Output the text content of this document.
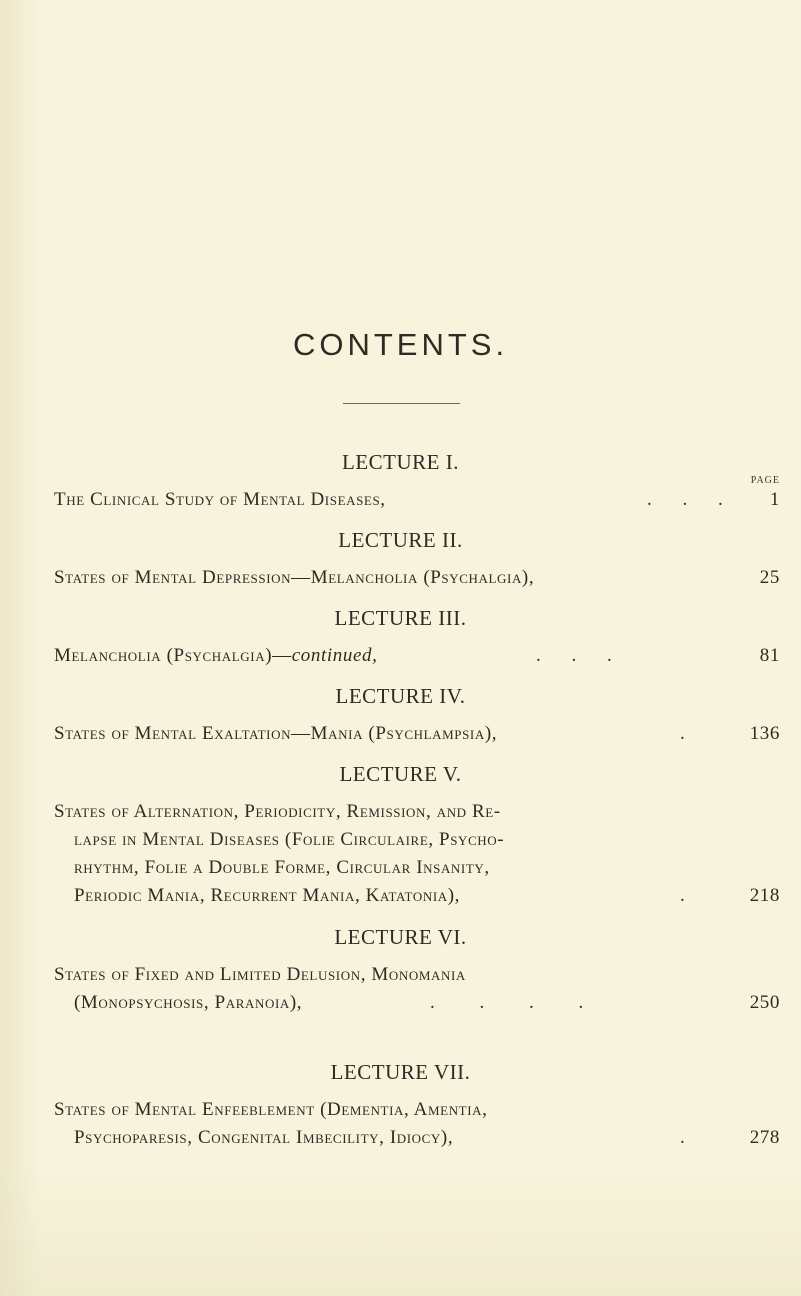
CONTENTS.
LECTURE I.
PAGE
The Clinical Study of Mental Diseases,	. . .	1
LECTURE II.
States of Mental Depression—Melancholia (Psychalgia),	25
LECTURE III.
Melancholia (Psychalgia)—continued,	. . .	81
LECTURE IV.
States of Mental Exaltation—Mania (Psychlampsia),	.	136
LECTURE V.
States of Alternation, Periodicity, Remission, and Re-
lapse in Mental Diseases (Folie Circulaire, Psycho-
rhythm, Folie a Double Forme, Circular Insanity,
Periodic Mania, Recurrent Mania, Katatonia),	.	218
LECTURE VI.
States of Fixed and Limited Delusion, Monomania
(Monopsychosis, Paranoia),	. . . .	250
LECTURE VII.
States of Mental Enfeeblement (Dementia, Amentia,
Psychoparesis, Congenital Imbecility, Idiocy),	.	278
